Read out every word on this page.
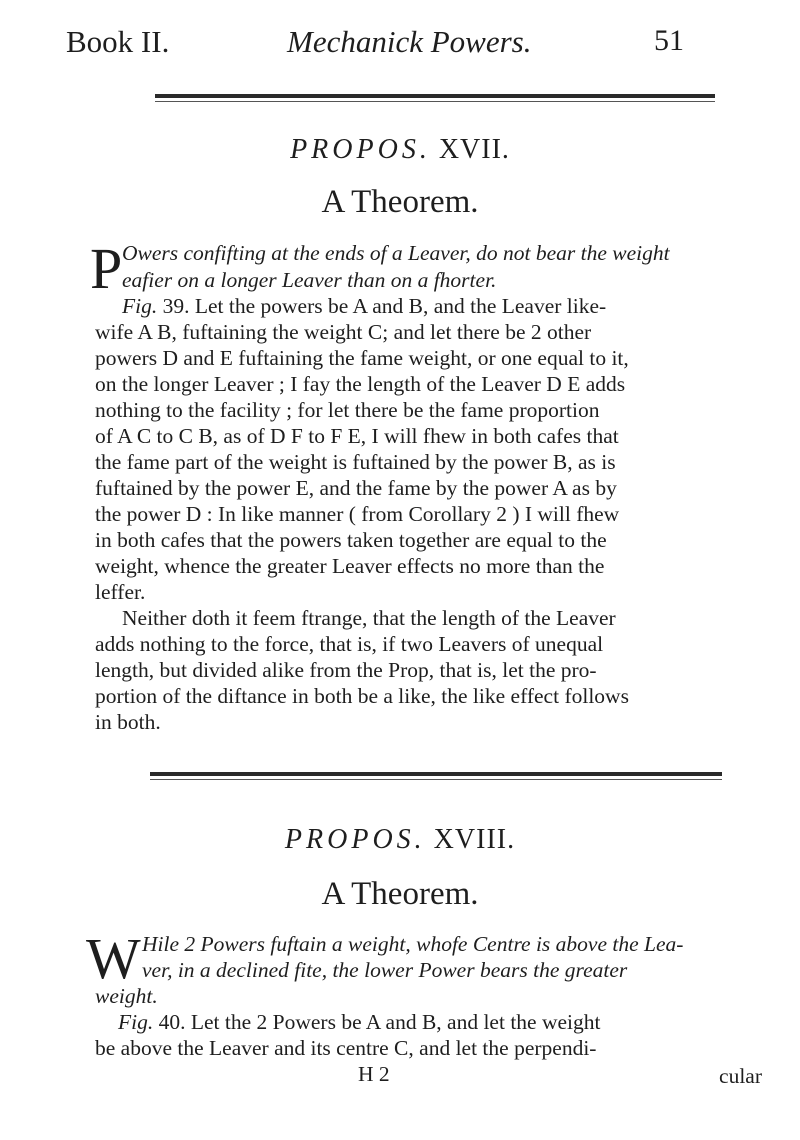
Book II.	Mechanick Powers.	51
PROPOS. XVII.
A Theorem.
P Owers confifting at the ends of a Leaver, do not bear the weight
eafier on a longer Leaver than on a fhorter.
Fig. 39. Let the powers be A and B, and the Leaver like-
wife A B, fuftaining the weight C; and let there be 2 other
powers D and E fuftaining the fame weight, or one equal to it,
on the longer Leaver ; I fay the length of the Leaver D E adds
nothing to the facility ; for let there be the fame proportion
of A C to C B, as of D F to F E, I will fhew in both cafes that
the fame part of the weight is fuftained by the power B, as is
fuftained by the power E, and the fame by the power A as by
the power D : In like manner ( from Corollary 2 ) I will fhew
in both cafes that the powers taken together are equal to the
weight, whence the greater Leaver effects no more than the
leffer.
Neither doth it feem ftrange, that the length of the Leaver
adds nothing to the force, that is, if two Leavers of unequal
length, but divided alike from the Prop, that is, let the pro-
portion of the diftance in both be a like, the like effect follows
in both.
PROPOS. XVIII.
A Theorem.
W Hile 2 Powers fuftain a weight, whofe Centre is above the Lea-
ver, in a declined fite, the lower Power bears the greater
weight.
Fig. 40. Let the 2 Powers be A and B, and let the weight
be above the Leaver and its centre C, and let the perpendi-
H 2	cular
